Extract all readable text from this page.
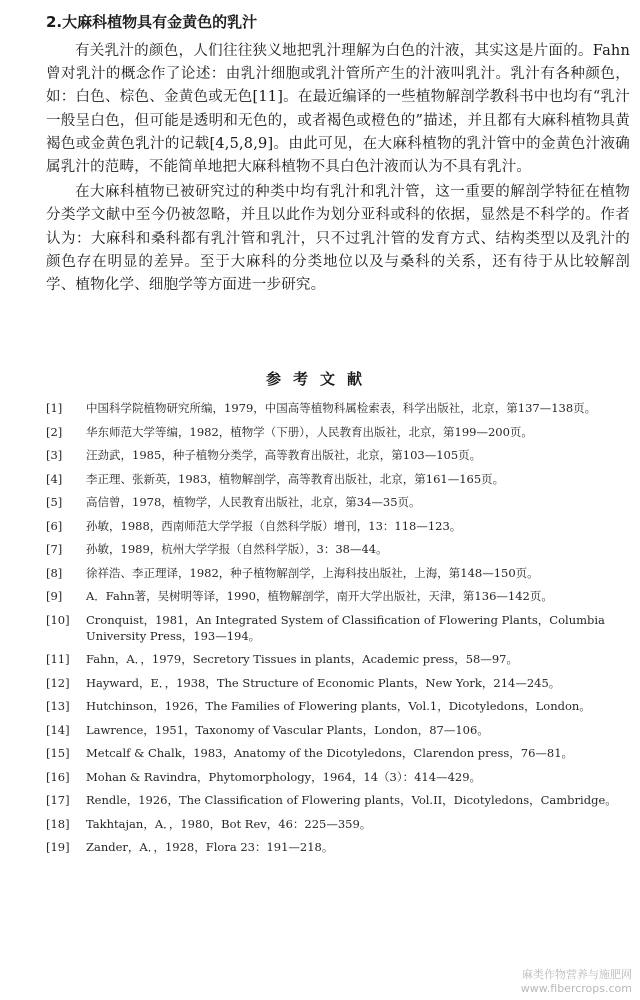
2.大麻科植物具有金黄色的乳汁

有关乳汁的颜色，人们往往狭义地把乳汁理解为白色的汁液，其实这是片面的。Fahn曾对乳汁的概念作了论述：由乳汁细胞或乳汁管所产生的汁液叫乳汁。乳汁有各种颜色，如：白色、棕色、金黄色或无色[11]。在最近编译的一些植物解剖学教科书中也均有“乳汁一般呈白色，但可能是透明和无色的，或者褐色或橙色的”描述，并且都有大麻科植物具黄褐色或金黄色乳汁的记载[4,5,8,9]。由此可见，在大麻科植物的乳汁管中的金黄色汁液确属乳汁的范畴，不能简单地把大麻科植物不具白色汁液而认为不具有乳汁。

在大麻科植物已被研究过的种类中均有乳汁和乳汁管，这一重要的解剖学特征在植物分类学文献中至今仍被忽略，并且以此作为划分亚科或科的依据，显然是不科学的。作者认为：大麻科和桑科都有乳汁管和乳汁，只不过乳汁管的发育方式、结构类型以及乳汁的颜色存在明显的差异。至于大麻科的分类地位以及与桑科的关系，还有待于从比较解剖学、植物化学、细胞学等方面进一步研究。

参考文献
[1]	中国科学院植物研究所编，1979，中国高等植物科属检索表，科学出版社，北京，第137—138页。
[2]	华东师范大学等编，1982，植物学（下册），人民教育出版社，北京，第199—200页。
[3]	汪劲武，1985，种子植物分类学，高等教育出版社，北京，第103—105页。
[4]	李正理、张新英，1983，植物解剖学，高等教育出版社，北京，第161—165页。
[5]	高信曾，1978，植物学，人民教育出版社，北京，第34—35页。
[6]	孙敏，1988，西南师范大学学报（自然科学版）增刊，13：118—123。
[7]	孙敏，1989，杭州大学学报（自然科学版），3：38—44。
[8]	徐祥浩、李正理译，1982，种子植物解剖学，上海科技出版社，上海，第148—150页。
[9]	A．Fahn著，吴树明等译，1990，植物解剖学，南开大学出版社，天津，第136—142页。
[10]	Cronquist，1981，An Integrated System of Classification of Flowering Plants，Columbia University Press，193—194。
[11]	Fahn，A．，1979，Secretory Tissues in plants，Academic press，58—97。
[12]	Hayward，E．，1938，The Structure of Economic Plants，New York，214—245。
[13]	Hutchinson，1926，The Families of Flowering plants，Vol.1，Dicotyledons，London。
[14]	Lawrence，1951，Taxonomy of Vascular Plants，London，87—106。
[15]	Metcalf & Chalk，1983，Anatomy of the Dicotyledons，Clarendon press，76—81。
[16]	Mohan & Ravindra，Phytomorphology，1964，14（3）：414—429。
[17]	Rendle，1926，The Classification of Flowering plants，Vol.II，Dicotyledons，Cambridge。
[18]	Takhtajan，A．，1980，Bot Rev，46：225—359。
[19]	Zander，A．，1928，Flora 23：191—218。
麻类作物营养与施肥网
www.fibercrops.com
